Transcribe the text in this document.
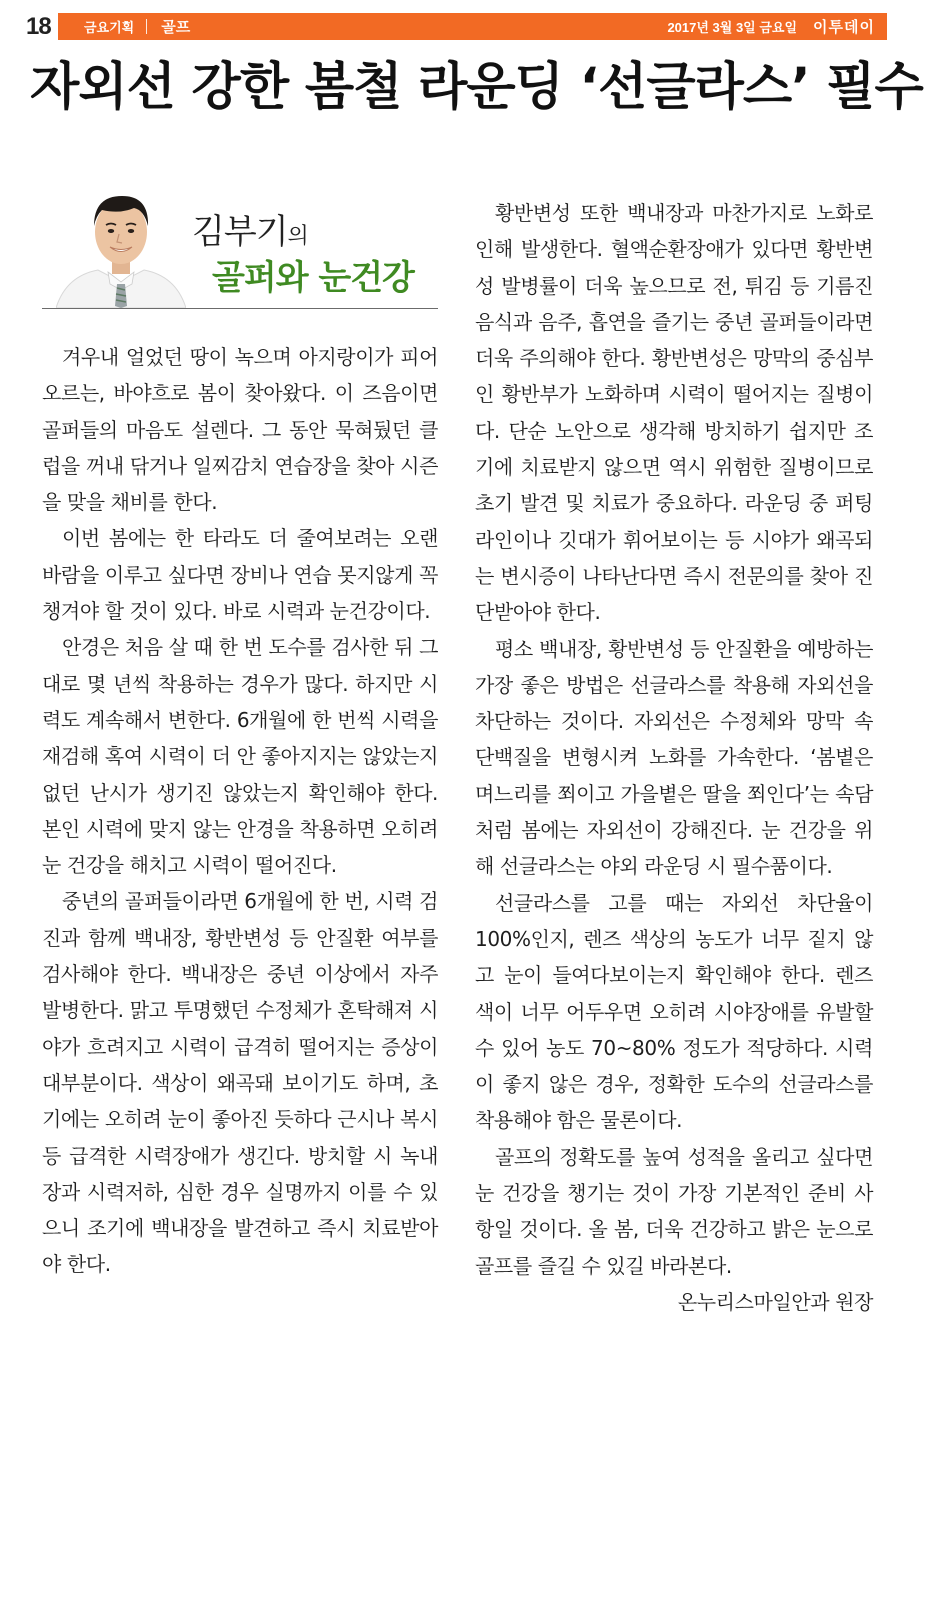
18	금요기획	골프	2017년 3월 3일 금요일	이투데이
자외선 강한 봄철 라운딩 ‘선글라스’ 필수
김부기의
골퍼와 눈건강

겨우내 얼었던 땅이 녹으며 아지랑이가 피어 오르는, 바야흐로 봄이 찾아왔다. 이 즈음이면 골퍼들의 마음도 설렌다. 그 동안 묵혀뒀던 클럽을 꺼내 닦거나 일찌감치 연습장을 찾아 시즌을 맞을 채비를 한다.

이번 봄에는 한 타라도 더 줄여보려는 오랜 바람을 이루고 싶다면 장비나 연습 못지않게 꼭 챙겨야 할 것이 있다. 바로 시력과 눈건강이다.

안경은 처음 살 때 한 번 도수를 검사한 뒤 그대로 몇 년씩 착용하는 경우가 많다. 하지만 시력도 계속해서 변한다. 6개월에 한 번씩 시력을 재검해 혹여 시력이 더 안 좋아지지는 않았는지 없던 난시가 생기진 않았는지 확인해야 한다. 본인 시력에 맞지 않는 안경을 착용하면 오히려 눈 건강을 해치고 시력이 떨어진다.

중년의 골퍼들이라면 6개월에 한 번, 시력 검진과 함께 백내장, 황반변성 등 안질환 여부를 검사해야 한다. 백내장은 중년 이상에서 자주 발병한다. 맑고 투명했던 수정체가 혼탁해져 시야가 흐려지고 시력이 급격히 떨어지는 증상이 대부분이다. 색상이 왜곡돼 보이기도 하며, 초기에는 오히려 눈이 좋아진 듯하다 근시나 복시 등 급격한 시력장애가 생긴다. 방치할 시 녹내장과 시력저하, 심한 경우 실명까지 이를 수 있으니 조기에 백내장을 발견하고 즉시 치료받아야 한다.

황반변성 또한 백내장과 마찬가지로 노화로 인해 발생한다. 혈액순환장애가 있다면 황반변성 발병률이 더욱 높으므로 전, 튀김 등 기름진 음식과 음주, 흡연을 즐기는 중년 골퍼들이라면 더욱 주의해야 한다. 황반변성은 망막의 중심부인 황반부가 노화하며 시력이 떨어지는 질병이다. 단순 노안으로 생각해 방치하기 쉽지만 조기에 치료받지 않으면 역시 위험한 질병이므로 초기 발견 및 치료가 중요하다. 라운딩 중 퍼팅라인이나 깃대가 휘어보이는 등 시야가 왜곡되는 변시증이 나타난다면 즉시 전문의를 찾아 진단받아야 한다.

평소 백내장, 황반변성 등 안질환을 예방하는 가장 좋은 방법은 선글라스를 착용해 자외선을 차단하는 것이다. 자외선은 수정체와 망막 속 단백질을 변형시켜 노화를 가속한다. ‘봄볕은 며느리를 쬐이고 가을볕은 딸을 쬐인다’는 속담처럼 봄에는 자외선이 강해진다. 눈 건강을 위해 선글라스는 야외 라운딩 시 필수품이다.

선글라스를 고를 때는 자외선 차단율이 100%인지, 렌즈 색상의 농도가 너무 짙지 않고 눈이 들여다보이는지 확인해야 한다. 렌즈 색이 너무 어두우면 오히려 시야장애를 유발할 수 있어 농도 70~80% 정도가 적당하다. 시력이 좋지 않은 경우, 정확한 도수의 선글라스를 착용해야 함은 물론이다.

골프의 정확도를 높여 성적을 올리고 싶다면 눈 건강을 챙기는 것이 가장 기본적인 준비 사항일 것이다. 올 봄, 더욱 건강하고 밝은 눈으로 골프를 즐길 수 있길 바라본다.

온누리스마일안과 원장
